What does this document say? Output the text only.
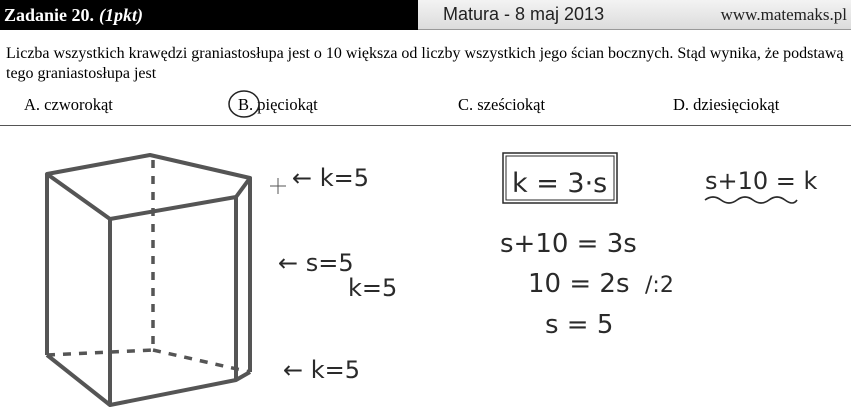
Zadanie 20. (1pkt)	Matura - 8 maj 2013	www.matemaks.pl
Liczba wszystkich krawędzi graniastosłupa jest o 10 większa od liczby wszystkich jego ścian bocznych. Stąd wynika, że podstawą tego graniastosłupa jest
A. czworokąt	B. pięciokąt	C. sześciokąt	D. dziesięciokąt
← k=5
← s=5
k=5
← k=5
k = 3·s	s+10 = k
s+10 = 3s
10 = 2s /:2
s = 5
